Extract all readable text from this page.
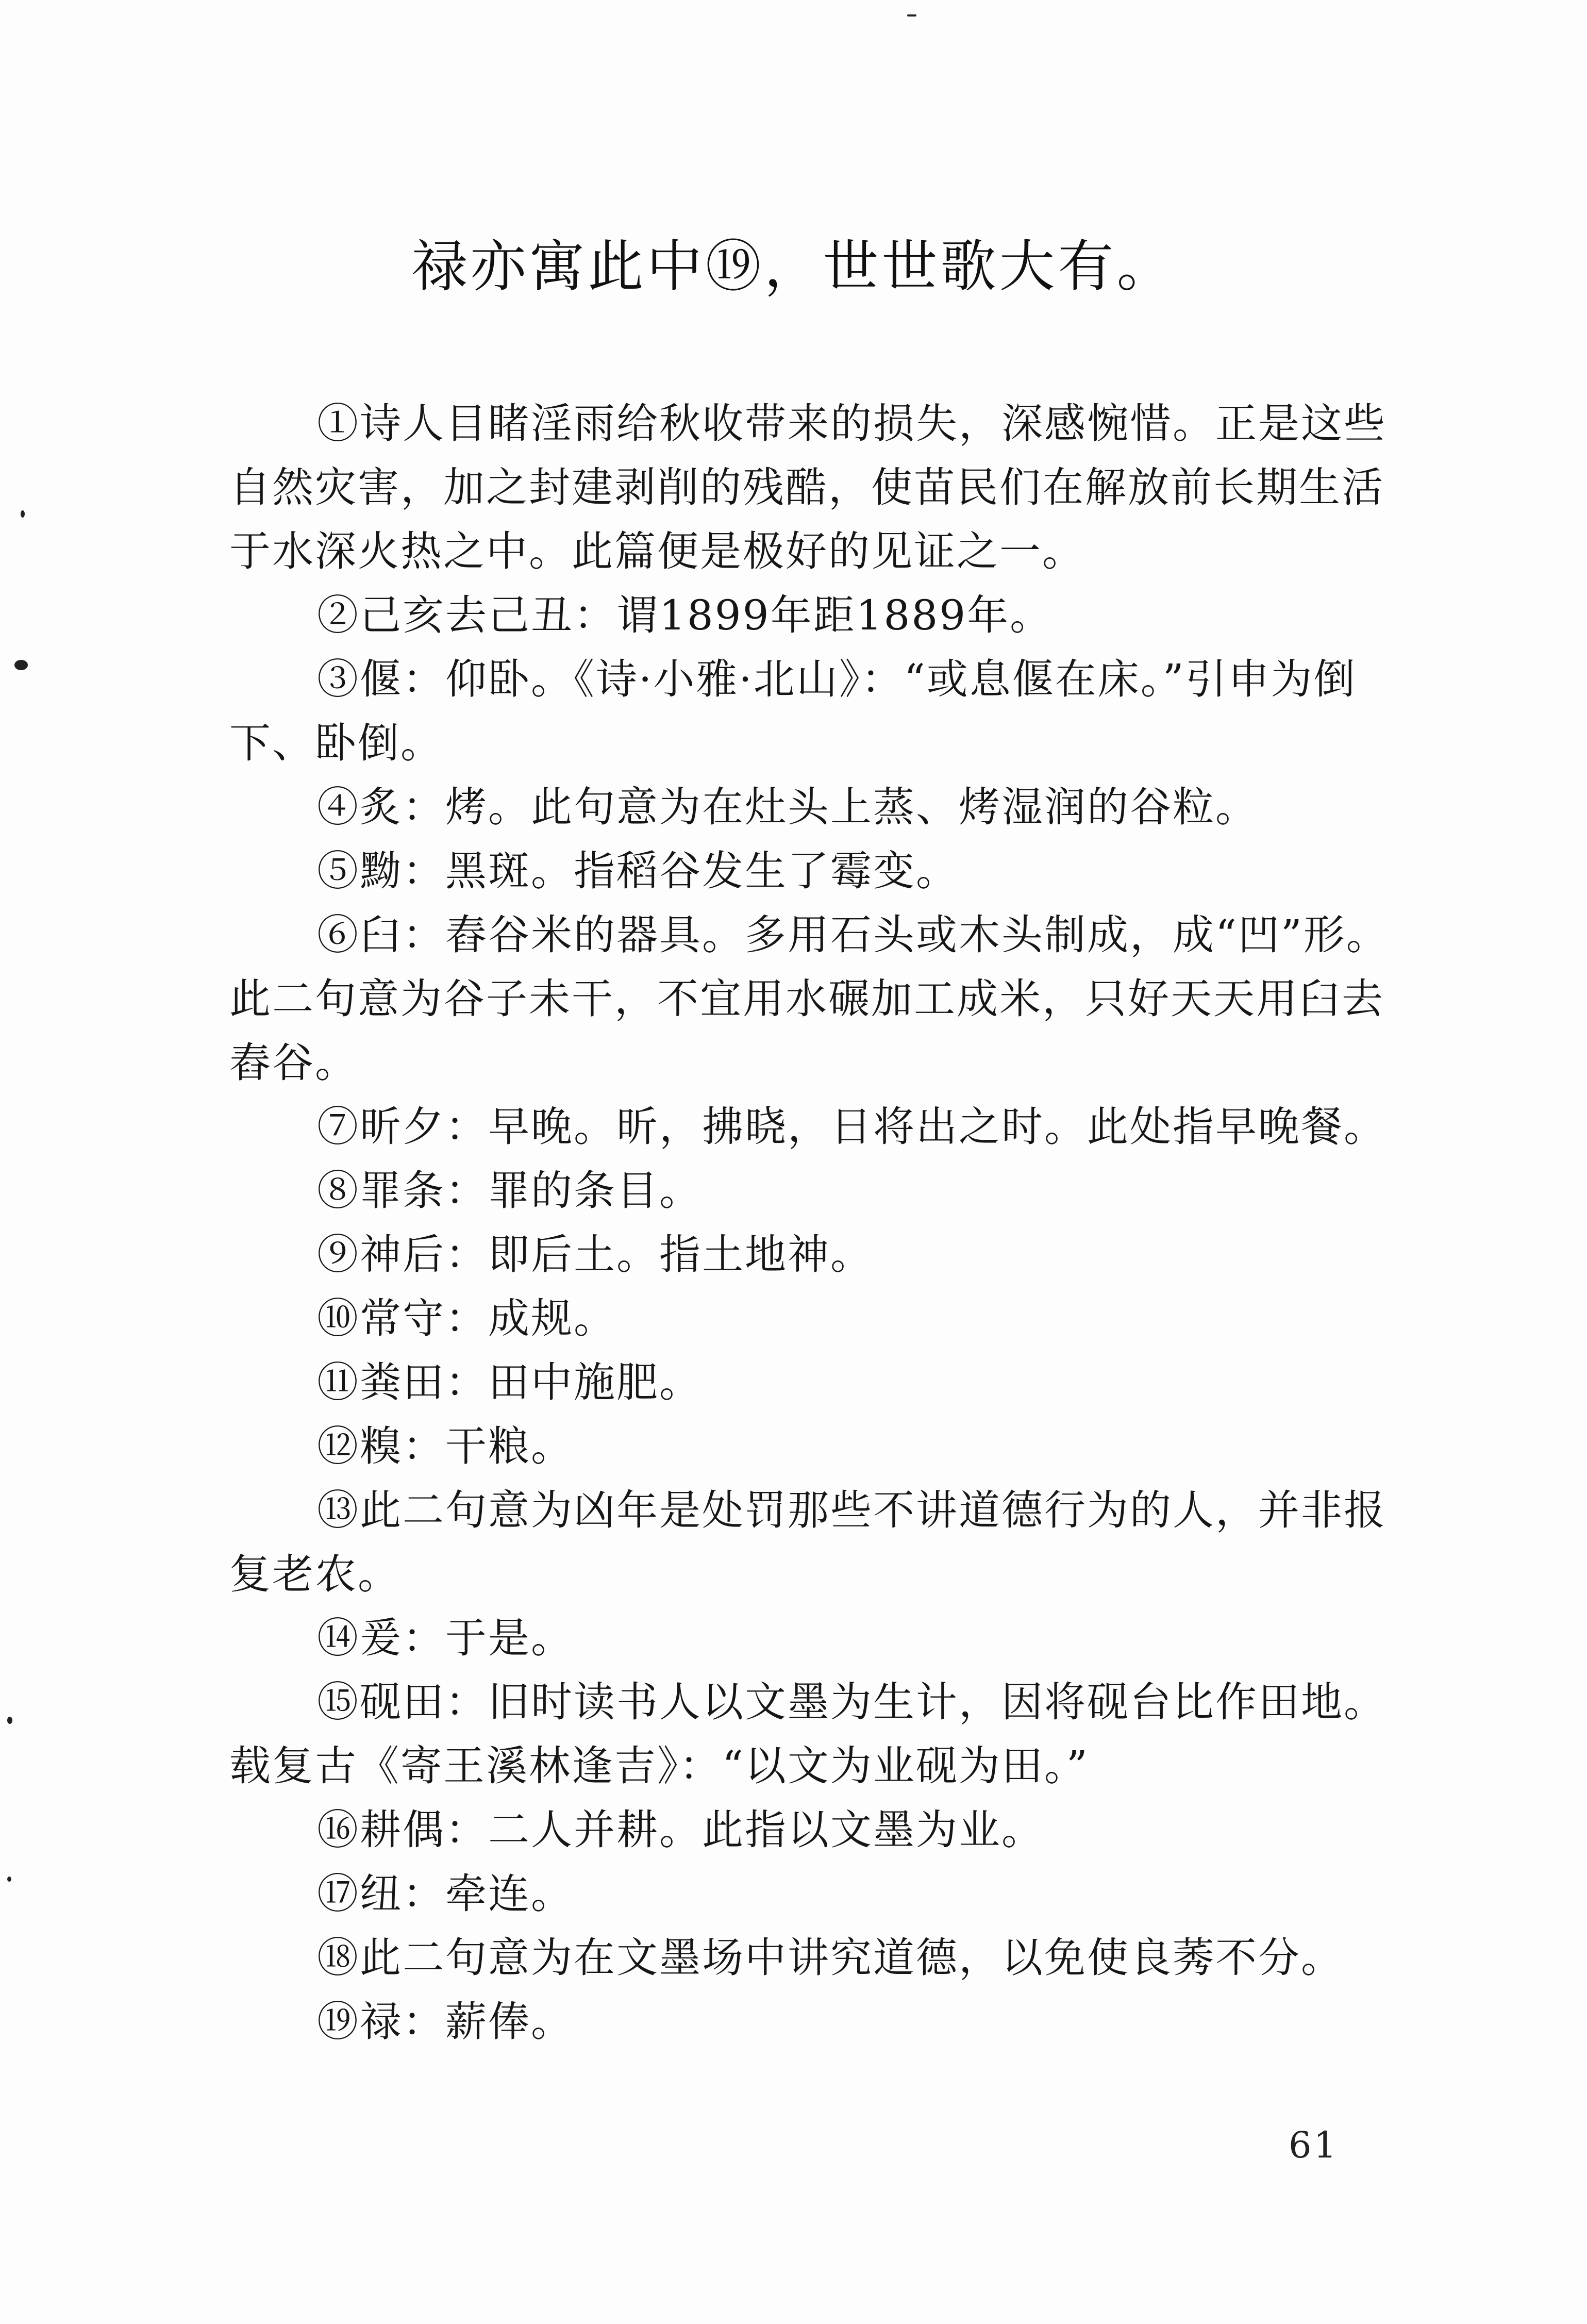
禄亦寓此中⑲，世世歌大有。

①诗人目睹淫雨给秋收带来的损失，深感惋惜。正是这些自然灾害，加之封建剥削的残酷，使苗民们在解放前长期生活于水深火热之中。此篇便是极好的见证之一。

②己亥去己丑：谓1899年距1889年。

③偃：仰卧。《诗·小雅·北山》：“或息偃在床。”引申为倒下、卧倒。

④炙：烤。此句意为在灶头上蒸、烤湿润的谷粒。

⑤黝：黑斑。指稻谷发生了霉变。

⑥臼：舂谷米的器具。多用石头或木头制成，成“凹”形。此二句意为谷子未干，不宜用水碾加工成米，只好天天用臼去舂谷。

⑦昕夕：早晚。昕，拂晓，日将出之时。此处指早晚餐。

⑧罪条：罪的条目。

⑨神后：即后土。指土地神。

⑩常守：成规。

⑪粪田：田中施肥。

⑫糗：干粮。

⑬此二句意为凶年是处罚那些不讲道德行为的人，并非报复老农。

⑭爰：于是。

⑮砚田：旧时读书人以文墨为生计，因将砚台比作田地。载复古《寄王溪林逢吉》：“以文为业砚为田。”

⑯耕偶：二人并耕。此指以文墨为业。

⑰纽：牵连。

⑱此二句意为在文墨场中讲究道德，以免使良莠不分。

⑲禄：薪俸。

61
